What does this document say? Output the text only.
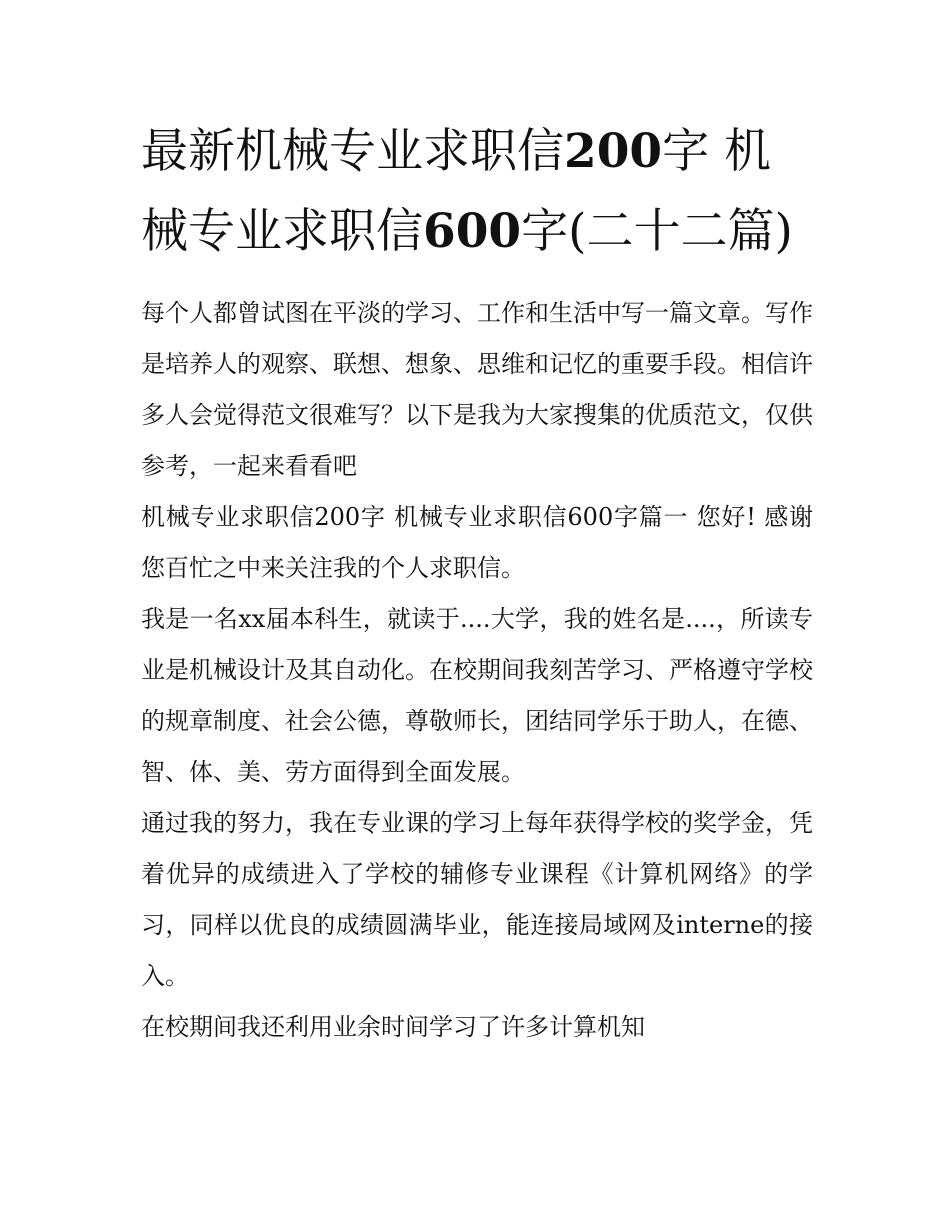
最新机械专业求职信200字 机械专业求职信600字(二十二篇)

每个人都曾试图在平淡的学习、工作和生活中写一篇文章。写作是培养人的观察、联想、想象、思维和记忆的重要手段。相信许多人会觉得范文很难写？以下是我为大家搜集的优质范文，仅供参考，一起来看看吧

机械专业求职信200字 机械专业求职信600字篇一 您好! 感谢您百忙之中来关注我的个人求职信。

我是一名xx届本科生，就读于....大学，我的姓名是....，所读专业是机械设计及其自动化。在校期间我刻苦学习、严格遵守学校的规章制度、社会公德，尊敬师长，团结同学乐于助人，在德、智、体、美、劳方面得到全面发展。

通过我的努力，我在专业课的学习上每年获得学校的奖学金，凭着优异的成绩进入了学校的辅修专业课程《计算机网络》的学习，同样以优良的成绩圆满毕业，能连接局域网及interne的接入。

在校期间我还利用业余时间学习了许多计算机知
